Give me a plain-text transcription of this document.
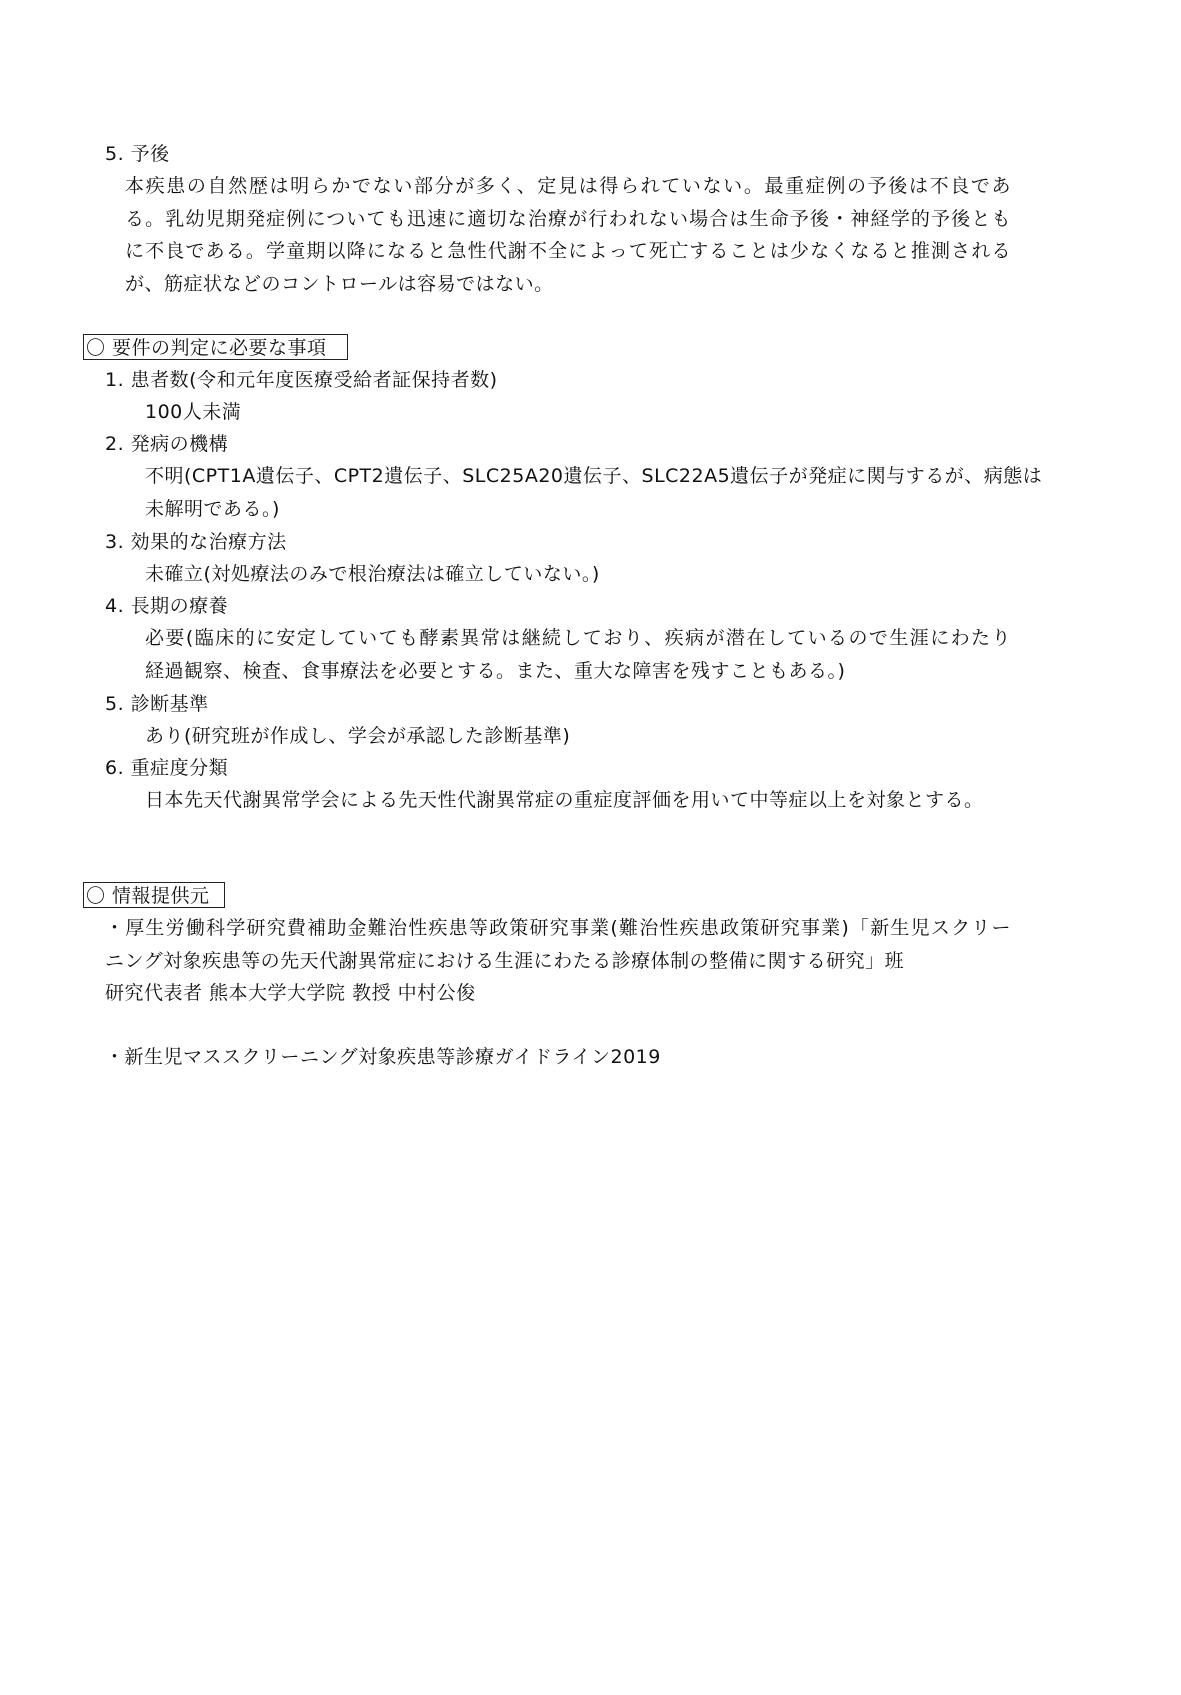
5. 予後
本疾患の自然歴は明らかでない部分が多く、定見は得られていない。最重症例の予後は不良であ
る。乳幼児期発症例についても迅速に適切な治療が行われない場合は生命予後・神経学的予後とも
に不良である。学童期以降になると急性代謝不全によって死亡することは少なくなると推測される
が、筋症状などのコントロールは容易ではない。
〇 要件の判定に必要な事項
1. 患者数(令和元年度医療受給者証保持者数)
100人未満
2. 発病の機構
不明(CPT1A遺伝子、CPT2遺伝子、SLC25A20遺伝子、SLC22A5遺伝子が発症に関与するが、病態は
未解明である。)
3. 効果的な治療方法
未確立(対処療法のみで根治療法は確立していない。)
4. 長期の療養
必要(臨床的に安定していても酵素異常は継続しており、疾病が潜在しているので生涯にわたり
経過観察、検査、食事療法を必要とする。また、重大な障害を残すこともある。)
5. 診断基準
あり(研究班が作成し、学会が承認した診断基準)
6. 重症度分類
日本先天代謝異常学会による先天性代謝異常症の重症度評価を用いて中等症以上を対象とする。
〇 情報提供元
・厚生労働科学研究費補助金難治性疾患等政策研究事業(難治性疾患政策研究事業)「新生児スクリー
ニング対象疾患等の先天代謝異常症における生涯にわたる診療体制の整備に関する研究」班
研究代表者 熊本大学大学院 教授 中村公俊
・新生児マススクリーニング対象疾患等診療ガイドライン2019
